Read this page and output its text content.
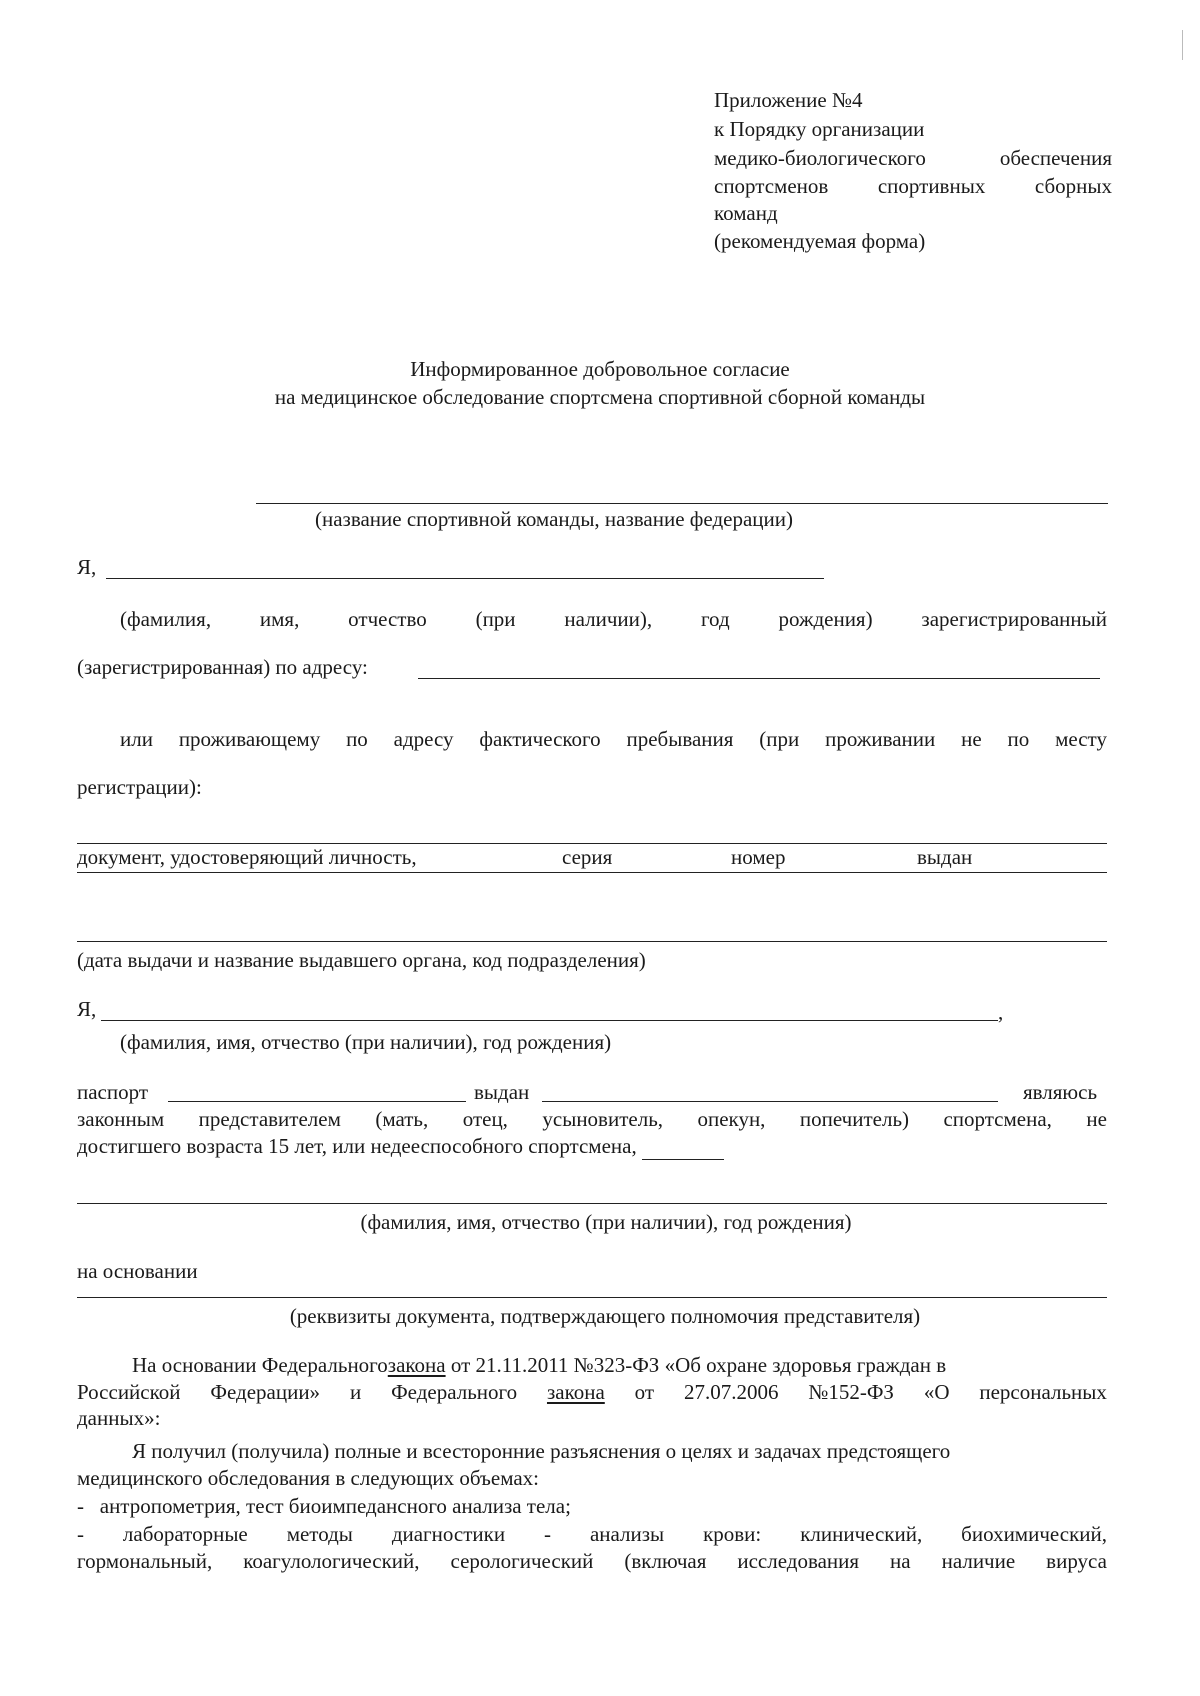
Приложение №4
к Порядку организации
медико-биологического	обеспечения
спортсменов спортивных сборных
команд
(рекомендуемая форма)
Информированное добровольное согласие
на медицинское обследование спортсмена спортивной сборной команды
(название спортивной команды, название федерации)
Я,
(фамилия, имя, отчество (при наличии), год рождения) зарегистрированный
(зарегистрированная) по адресу:
или проживающему по адресу фактического пребывания (при проживании не по месту
регистрации):
документ, удостоверяющий личность,	серия	номер	выдан
(дата выдачи и название выдавшего органа, код подразделения)
Я,	,
(фамилия, имя, отчество (при наличии), год рождения)
паспорт	выдан	являюсь
законным представителем (мать, отец, усыновитель, опекун, попечитель) спортсмена, не
достигшего возраста 15 лет, или недееспособного спортсмена,
(фамилия, имя, отчество (при наличии), год рождения)
на основании
(реквизиты документа, подтверждающего полномочия представителя)
На основании Федеральногозакона от 21.11.2011 №323-ФЗ «Об охране здоровья граждан в
Российской Федерации» и Федерального закона от 27.07.2006 №152-ФЗ «О персональных
данных»:
Я получил (получила) полные и всесторонние разъяснения о целях и задачах предстоящего
медицинского обследования в следующих объемах:
-   антропометрия, тест биоимпедансного анализа тела;
- лабораторные методы диагностики - анализы крови: клинический, биохимический,
гормональный, коагулологический, серологический (включая исследования на наличие вируса
